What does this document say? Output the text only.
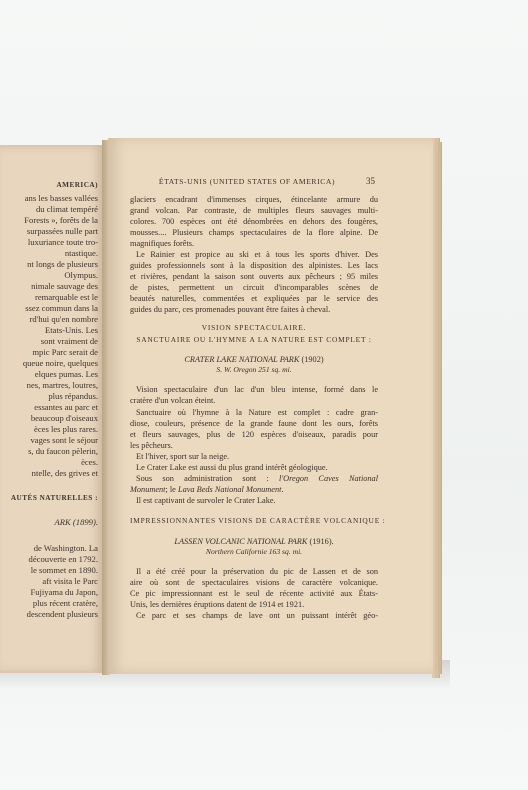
AMERICA)
ans les basses vallées
du climat tempéré
Forests », forêts de la
surpassées nulle part
luxuriance toute tro-
ntastique.
nt longs de plusieurs
Olympus.
nimale sauvage des
remarquable est le
ssez commun dans la
rd'hui qu'en nombre
Etats-Unis. Les
sont vraiment de
mpic Parc serait de
queue noire, quelques
elques pumas. Les
nes, martres, loutres,
plus répandus.
essantes au parc et
beaucoup d'oiseaux
èces les plus rares.
vages sont le séjour
s, du faucon pèlerin,
èces.
ntelle, des grives et
AUTÉS NATURELLES :
ARK (1899).
de Washington. La
découverte en 1792.
le sommet en 1890.
aft visita le Parc
Fujiyama du Japon,
plus récent cratère,
descendent plusieurs
ÉTATS-UNIS (UNITED STATES OF AMERICA)	35
glaciers encadrant d'immenses cirques, étincelante armure du
grand volcan. Par contraste, de multiples fleurs sauvages multi-
colores. 700 espèces ont été dénombrées en dehors des fougères,
mousses.... Plusieurs champs spectaculaires de la flore alpine. De
magnifiques forêts.
Le Rainier est propice au ski et à tous les sports d'hiver. Des
guides professionnels sont à la disposition des alpinistes. Les lacs
et rivières, pendant la saison sont ouverts aux pêcheurs ; 95 miles
de pistes, permettent un circuit d'incomparables scènes de
beautés naturelles, commentées et expliquées par le service des
guides du parc, ces promenades pouvant être faites à cheval.
VISION SPECTACULAIRE.
SANCTUAIRE OU L'HYMNE A LA NATURE EST COMPLET :
CRATER LAKE NATIONAL PARK (1902)
S. W. Oregon 251 sq. mi.
Vision spectaculaire d'un lac d'un bleu intense, formé dans le
cratère d'un volcan éteint.
Sanctuaire où l'hymne à la Nature est complet : cadre gran-
diose, couleurs, présence de la grande faune dont les ours, forêts
et fleurs sauvages, plus de 120 espèces d'oiseaux, paradis pour
les pêcheurs.
Et l'hiver, sport sur la neige.
Le Crater Lake est aussi du plus grand intérêt géologique.
Sous son administration sont : l'Oregon Caves National
Monument; le Lava Beds National Monument.
Il est captivant de survoler le Crater Lake.
IMPRESSIONNANTES VISIONS DE CARACTÈRE VOLCANIQUE :
LASSEN VOLCANIC NATIONAL PARK (1916).
Northern Californie 163 sq. mi.
Il a été créé pour la préservation du pic de Lassen et de son
aire où sont de spectaculaires visions de caractère volcanique.
Ce pic impressionnant est le seul de récente activité aux États-
Unis, les dernières éruptions datent de 1914 et 1921.
Ce parc et ses champs de lave ont un puissant intérêt géo-
